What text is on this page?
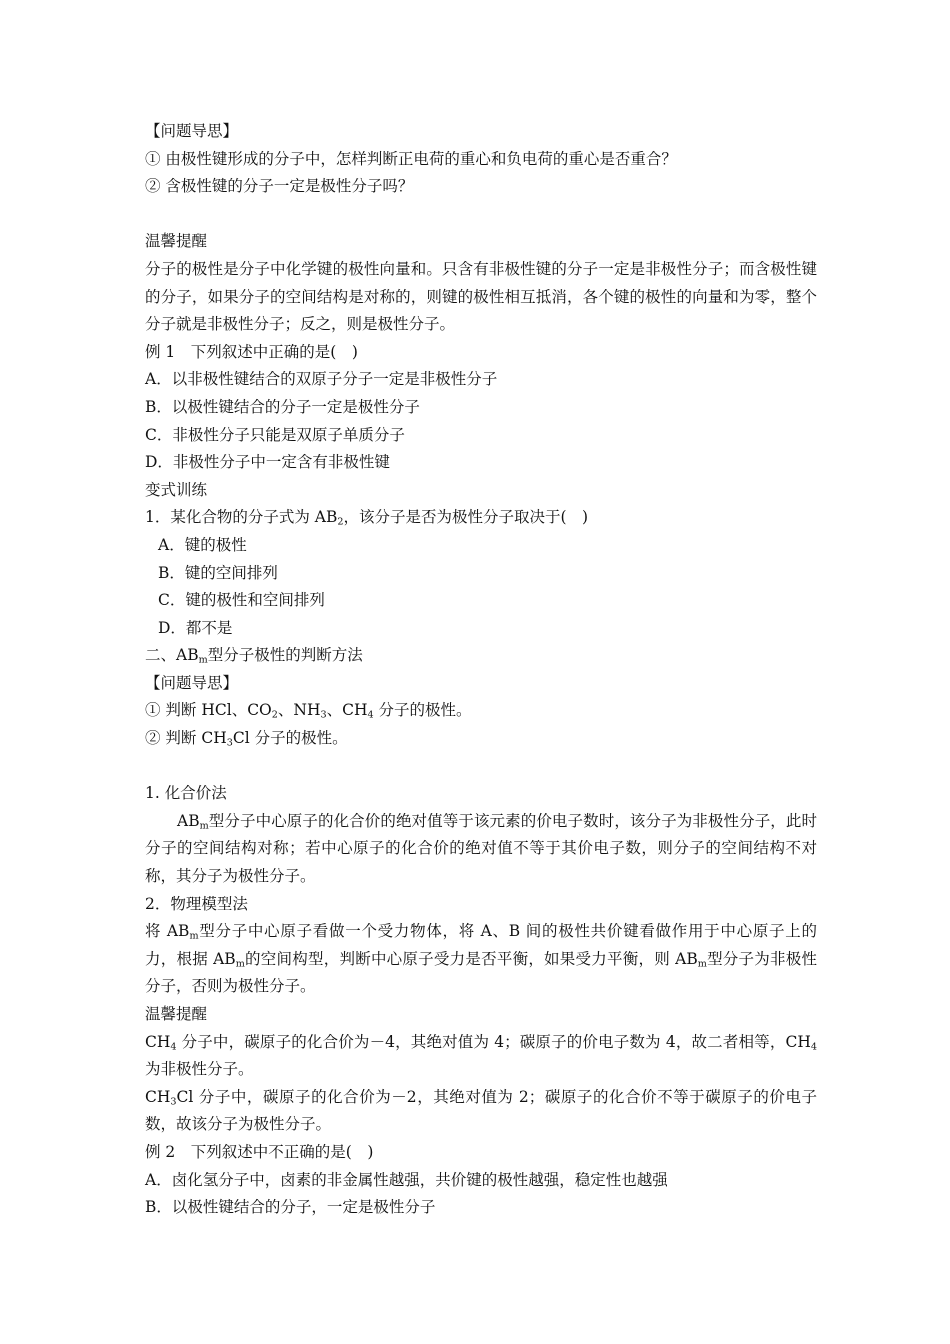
【问题导思】
① 由极性键形成的分子中，怎样判断正电荷的重心和负电荷的重心是否重合？
② 含极性键的分子一定是极性分子吗？
温馨提醒
分子的极性是分子中化学键的极性向量和。只含有非极性键的分子一定是非极性分子；而含极性键的分子，如果分子的空间结构是对称的，则键的极性相互抵消，各个键的极性的向量和为零，整个分子就是非极性分子；反之，则是极性分子。
例 1　下列叙述中正确的是(　)
A．以非极性键结合的双原子分子一定是非极性分子
B．以极性键结合的分子一定是极性分子
C．非极性分子只能是双原子单质分子
D．非极性分子中一定含有非极性键
变式训练
1．某化合物的分子式为 $AB_2$，该分子是否为极性分子取决于(　)
A．键的极性
B．键的空间排列
C．键的极性和空间排列
D．都不是
二、$AB_m$型分子极性的判断方法
【问题导思】
① 判断 HCl、$CO_2$、$NH_3$、$CH_4$ 分子的极性。
② 判断 $CH_3Cl$ 分子的极性。
1. 化合价法
$AB_m$型分子中心原子的化合价的绝对值等于该元素的价电子数时，该分子为非极性分子，此时分子的空间结构对称；若中心原子的化合价的绝对值不等于其价电子数，则分子的空间结构不对称，其分子为极性分子。
2．物理模型法
将 $AB_m$型分子中心原子看做一个受力物体，将 A、B 间的极性共价键看做作用于中心原子上的力，根据 $AB_m$的空间构型，判断中心原子受力是否平衡，如果受力平衡，则 $AB_m$型分子为非极性分子，否则为极性分子。
温馨提醒
$CH_4$ 分子中，碳原子的化合价为－4，其绝对值为 4；碳原子的价电子数为 4，故二者相等，$CH_4$ 为非极性分子。
$CH_3Cl$ 分子中，碳原子的化合价为－2，其绝对值为 2；碳原子的化合价不等于碳原子的价电子数，故该分子为极性分子。
例 2　下列叙述中不正确的是(　)
A．卤化氢分子中，卤素的非金属性越强，共价键的极性越强，稳定性也越强
B．以极性键结合的分子，一定是极性分子
